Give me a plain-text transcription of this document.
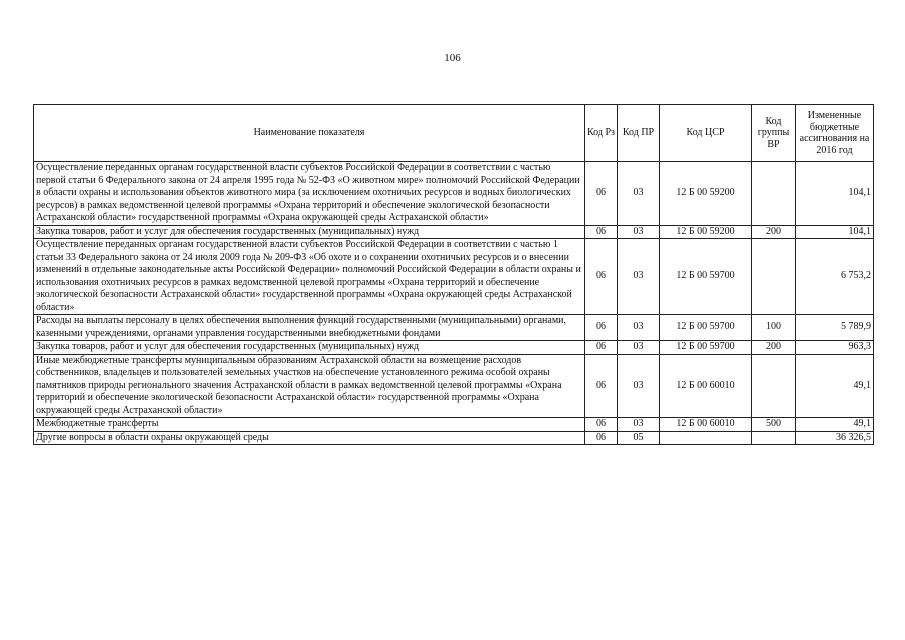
106
Наименование показателя	Код Рз	Код ПР	Код ЦСР	Код группы ВР	Измененные бюджетные ассигнования на 2016 год
Осуществление переданных органам государственной власти субъектов Российской Федерации в соответствии с частью первой статьи 6 Федерального закона от 24 апреля 1995 года № 52-ФЗ «О животном мире» полномочий Российской Федерации в области охраны и использования объектов животного мира (за исключением охотничьих ресурсов и водных биологических ресурсов) в рамках ведомственной целевой программы «Охрана территорий и обеспечение экологической безопасности Астраханской области» государственной программы «Охрана окружающей среды Астраханской области»	06	03	12 Б 00 59200		104,1
Закупка товаров, работ и услуг для обеспечения государственных (муниципальных) нужд	06	03	12 Б 00 59200	200	104,1
Осуществление переданных органам государственной власти субъектов Российской Федерации в соответствии с частью 1 статьи 33 Федерального закона от 24 июля 2009 года № 209-ФЗ «Об охоте и о сохранении охотничьих ресурсов и о внесении изменений в отдельные законодательные акты Российской Федерации» полномочий Российской Федерации в области охраны и использования охотничьих ресурсов в рамках ведомственной целевой программы «Охрана территорий и обеспечение экологической безопасности Астраханской области» государственной программы «Охрана окружающей среды Астраханской области»	06	03	12 Б 00 59700		6 753,2
Расходы на выплаты персоналу в целях обеспечения выполнения функций государственными (муниципальными) органами, казенными учреждениями, органами управления государственными внебюджетными фондами	06	03	12 Б 00 59700	100	5 789,9
Закупка товаров, работ и услуг для обеспечения государственных (муниципальных) нужд	06	03	12 Б 00 59700	200	963,3
Иные межбюджетные трансферты муниципальным образованиям Астраханской области на возмещение расходов собственников, владельцев и пользователей земельных участков на обеспечение установленного режима особой охраны памятников природы регионального значения Астраханской области в рамках ведомственной целевой программы «Охрана территорий и обеспечение экологической безопасности Астраханской области» государственной программы «Охрана окружающей среды Астраханской области»	06	03	12 Б 00 60010		49,1
Межбюджетные трансферты	06	03	12 Б 00 60010	500	49,1
Другие вопросы в области охраны окружающей среды	06	05			36 326,5
